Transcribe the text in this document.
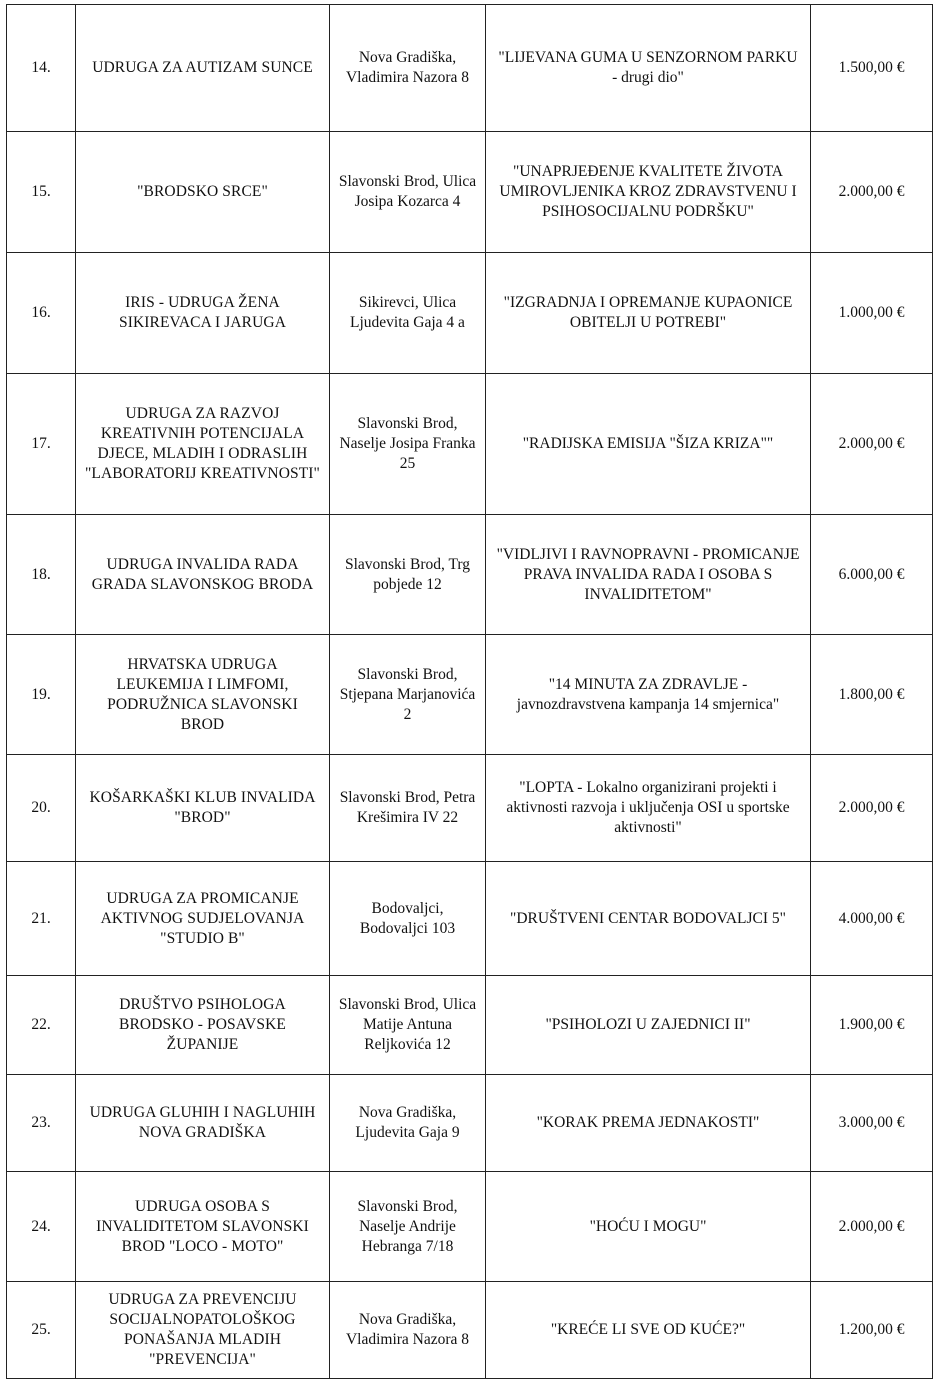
14.	UDRUGA ZA AUTIZAM SUNCE	Nova Gradiška, Vladimira Nazora 8	"LIJEVANA GUMA U SENZORNOM PARKU - drugi dio"	1.500,00 €
15.	"BRODSKO SRCE"	Slavonski Brod, Ulica Josipa Kozarca 4	"UNAPRJEĐENJE KVALITETE ŽIVOTA UMIROVLJENIKA KROZ ZDRAVSTVENU I PSIHOSOCIJALNU PODRŠKU"	2.000,00 €
16.	IRIS - UDRUGA ŽENA SIKIREVACA I JARUGA	Sikirevci, Ulica Ljudevita Gaja 4 a	"IZGRADNJA I OPREMANJE KUPAONICE OBITELJI U POTREBI"	1.000,00 €
17.	UDRUGA ZA RAZVOJ KREATIVNIH POTENCIJALA DJECE, MLADIH I ODRASLIH "LABORATORIJ KREATIVNOSTI"	Slavonski Brod, Naselje Josipa Franka 25	"RADIJSKA EMISIJA "ŠIZA KRIZA""	2.000,00 €
18.	UDRUGA INVALIDA RADA GRADA SLAVONSKOG BRODA	Slavonski Brod, Trg pobjede 12	"VIDLJIVI I RAVNOPRAVNI - PROMICANJE PRAVA INVALIDA RADA I OSOBA S INVALIDITETOM"	6.000,00 €
19.	HRVATSKA UDRUGA LEUKEMIJA I LIMFOMI, PODRUŽNICA SLAVONSKI BROD	Slavonski Brod, Stjepana Marjanovića 2	"14 MINUTA ZA ZDRAVLJE - javnozdravstvena kampanja 14 smjernica"	1.800,00 €
20.	KOŠARKAŠKI KLUB INVALIDA "BROD"	Slavonski Brod, Petra Krešimira IV 22	"LOPTA - Lokalno organizirani projekti i aktivnosti razvoja i uključenja OSI u sportske aktivnosti"	2.000,00 €
21.	UDRUGA ZA PROMICANJE AKTIVNOG SUDJELOVANJA "STUDIO B"	Bodovaljci, Bodovaljci 103	"DRUŠTVENI CENTAR BODOVALJCI 5"	4.000,00 €
22.	DRUŠTVO PSIHOLOGA BRODSKO - POSAVSKE ŽUPANIJE	Slavonski Brod, Ulica Matije Antuna Reljkovića 12	"PSIHOLOZI U ZAJEDNICI II"	1.900,00 €
23.	UDRUGA GLUHIH I NAGLUHIH NOVA GRADIŠKA	Nova Gradiška, Ljudevita Gaja 9	"KORAK PREMA JEDNAKOSTI"	3.000,00 €
24.	UDRUGA OSOBA S INVALIDITETOM SLAVONSKI BROD "LOCO - MOTO"	Slavonski Brod, Naselje Andrije Hebranga 7/18	"HOĆU I MOGU"	2.000,00 €
25.	UDRUGA ZA PREVENCIJU SOCIJALNOPATOLOŠKOG PONAŠANJA MLADIH "PREVENCIJA"	Nova Gradiška, Vladimira Nazora 8	"KREĆE LI SVE OD KUĆE?"	1.200,00 €
